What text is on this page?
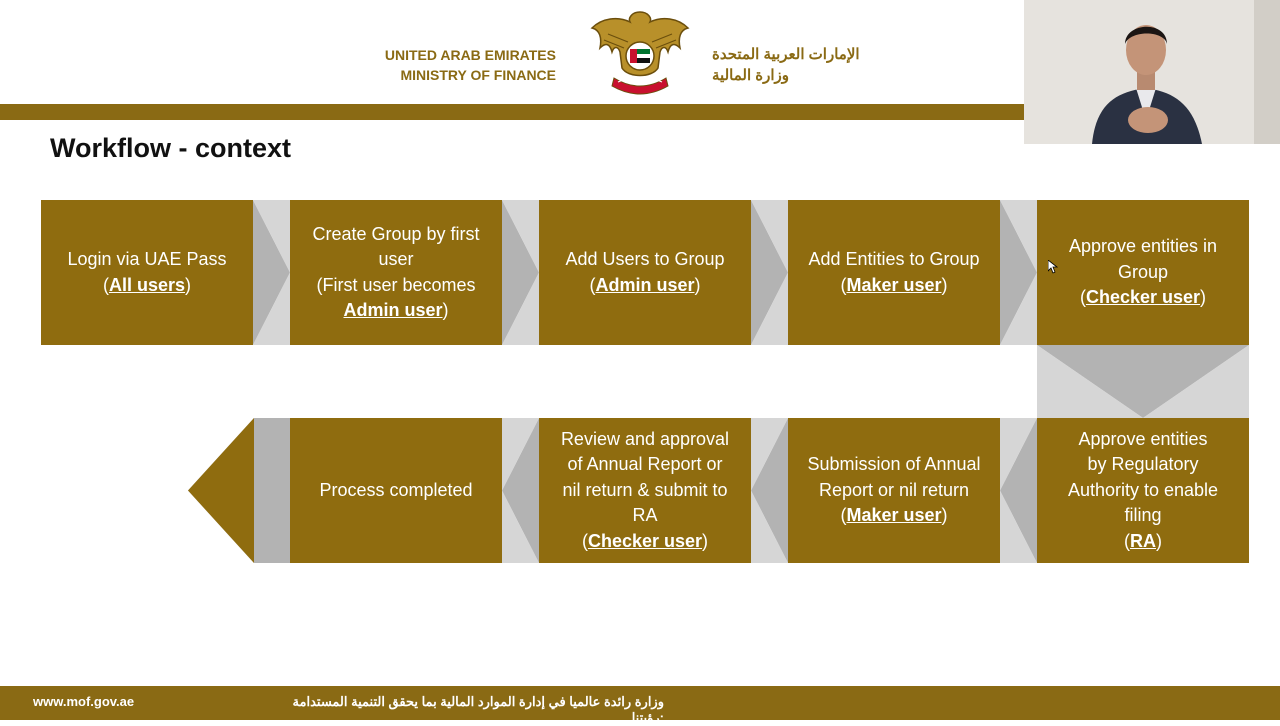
UNITED ARAB EMIRATES
MINISTRY OF FINANCE
الإمارات العربية المتحدة
وزارة المالية
Workflow - context
Login via UAE Pass
(All users)
Create Group by first
user
(First user becomes
Admin user)
Add Users to Group
(Admin user)
Add Entities to Group
(Maker user)
Approve entities in
Group
(Checker user)
Approve entities
by Regulatory
Authority to enable
filing
(RA)
Submission of Annual
Report or nil return
(Maker user)
Review and approval
of Annual Report or
nil return & submit to
RA
(Checker user)
Process completed
www.mof.gov.ae	وزارة رائدة عالميا في إدارة الموارد المالية بما يحقق التنمية المستدامة :رؤيتنا
